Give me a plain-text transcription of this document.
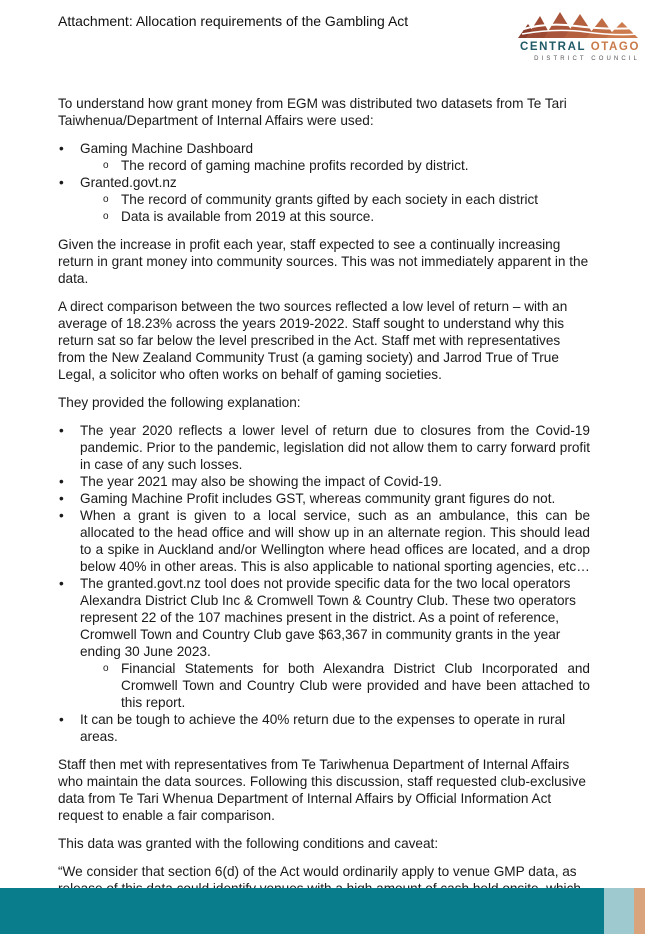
Attachment: Allocation requirements of the Gambling Act
CENTRAL OTAGO
DISTRICT COUNCIL

To understand how grant money from EGM was distributed two datasets from Te Tari Taiwhenua/Department of Internal Affairs were used:

• Gaming Machine Dashboard
o The record of gaming machine profits recorded by district.
• Granted.govt.nz
o The record of community grants gifted by each society in each district
o Data is available from 2019 at this source.

Given the increase in profit each year, staff expected to see a continually increasing return in grant money into community sources. This was not immediately apparent in the data.

A direct comparison between the two sources reflected a low level of return – with an average of 18.23% across the years 2019-2022. Staff sought to understand why this return sat so far below the level prescribed in the Act. Staff met with representatives from the New Zealand Community Trust (a gaming society) and Jarrod True of True Legal, a solicitor who often works on behalf of gaming societies.

They provided the following explanation:

• The year 2020 reflects a lower level of return due to closures from the Covid-19 pandemic. Prior to the pandemic, legislation did not allow them to carry forward profit in case of any such losses.
• The year 2021 may also be showing the impact of Covid-19.
• Gaming Machine Profit includes GST, whereas community grant figures do not.
• When a grant is given to a local service, such as an ambulance, this can be allocated to the head office and will show up in an alternate region. This should lead to a spike in Auckland and/or Wellington where head offices are located, and a drop below 40% in other areas. This is also applicable to national sporting agencies, etc…
• The granted.govt.nz tool does not provide specific data for the two local operators Alexandra District Club Inc & Cromwell Town & Country Club. These two operators represent 22 of the 107 machines present in the district. As a point of reference, Cromwell Town and Country Club gave $63,367 in community grants in the year ending 30 June 2023.
o Financial Statements for both Alexandra District Club Incorporated and Cromwell Town and Country Club were provided and have been attached to this report.
• It can be tough to achieve the 40% return due to the expenses to operate in rural areas.

Staff then met with representatives from Te Tariwhenua Department of Internal Affairs who maintain the data sources. Following this discussion, staff requested club-exclusive data from Te Tari Whenua Department of Internal Affairs by Official Information Act request to enable a fair comparison.

This data was granted with the following conditions and caveat:

“We consider that section 6(d) of the Act would ordinarily apply to venue GMP data, as
